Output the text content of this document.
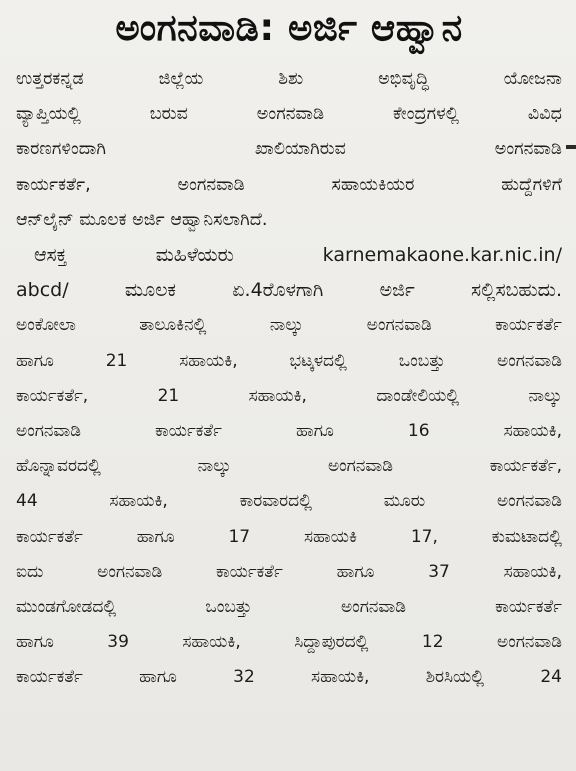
ಅಂಗನವಾಡಿ: ಅರ್ಜಿ ಆಹ್ವಾನ
ಉತ್ತರಕನ್ನಡ ಜಿಲ್ಲೆಯ ಶಿಶು ಅಭಿವೃದ್ಧಿ ಯೋಜನಾ
ವ್ಯಾಪ್ತಿಯಲ್ಲಿ ಬರುವ ಅಂಗನವಾಡಿ ಕೇಂದ್ರಗಳಲ್ಲಿ ವಿವಿಧ
ಕಾರಣಗಳಿಂದಾಗಿ ಖಾಲಿಯಾಗಿರುವ ಅಂಗನವಾಡಿ
ಕಾರ್ಯಕರ್ತೆ, ಅಂಗನವಾಡಿ ಸಹಾಯಕಿಯರ ಹುದ್ದೆಗಳಿಗೆ
ಆನ್‌ಲೈನ್ ಮೂಲಕ ಅರ್ಜಿ ಆಹ್ವಾನಿಸಲಾಗಿದೆ.
ಆಸಕ್ತ ಮಹಿಳೆಯರು karnemakaone.kar.nic.in/
abcd/ ಮೂಲಕ ಏ.4ರೊಳಗಾಗಿ ಅರ್ಜಿ ಸಲ್ಲಿಸಬಹುದು.
ಅಂಕೋಲಾ ತಾಲೂಕಿನಲ್ಲಿ ನಾಲ್ಕು ಅಂಗನವಾಡಿ ಕಾರ್ಯಕರ್ತೆ
ಹಾಗೂ 21 ಸಹಾಯಕಿ, ಭಟ್ಕಳದಲ್ಲಿ ಒಂಬತ್ತು ಅಂಗನವಾಡಿ
ಕಾರ್ಯಕರ್ತೆ, 21 ಸಹಾಯಕಿ, ದಾಂಡೇಲಿಯಲ್ಲಿ ನಾಲ್ಕು
ಅಂಗನವಾಡಿ ಕಾರ್ಯಕರ್ತೆ ಹಾಗೂ 16 ಸಹಾಯಕಿ,
ಹೊನ್ನಾವರದಲ್ಲಿ ನಾಲ್ಕು ಅಂಗನವಾಡಿ ಕಾರ್ಯಕರ್ತೆ,
44 ಸಹಾಯಕಿ, ಕಾರವಾರದಲ್ಲಿ ಮೂರು ಅಂಗನವಾಡಿ
ಕಾರ್ಯಕರ್ತೆ ಹಾಗೂ 17 ಸಹಾಯಕಿ 17, ಕುಮಟಾದಲ್ಲಿ
ಐದು ಅಂಗನವಾಡಿ ಕಾರ್ಯಕರ್ತೆ ಹಾಗೂ 37 ಸಹಾಯಕಿ,
ಮುಂಡಗೋಡದಲ್ಲಿ ಒಂಬತ್ತು ಅಂಗನವಾಡಿ ಕಾರ್ಯಕರ್ತೆ
ಹಾಗೂ 39 ಸಹಾಯಕಿ, ಸಿದ್ದಾಪುರದಲ್ಲಿ 12 ಅಂಗನವಾಡಿ
ಕಾರ್ಯಕರ್ತೆ ಹಾಗೂ 32 ಸಹಾಯಕಿ, ಶಿರಸಿಯಲ್ಲಿ 24
